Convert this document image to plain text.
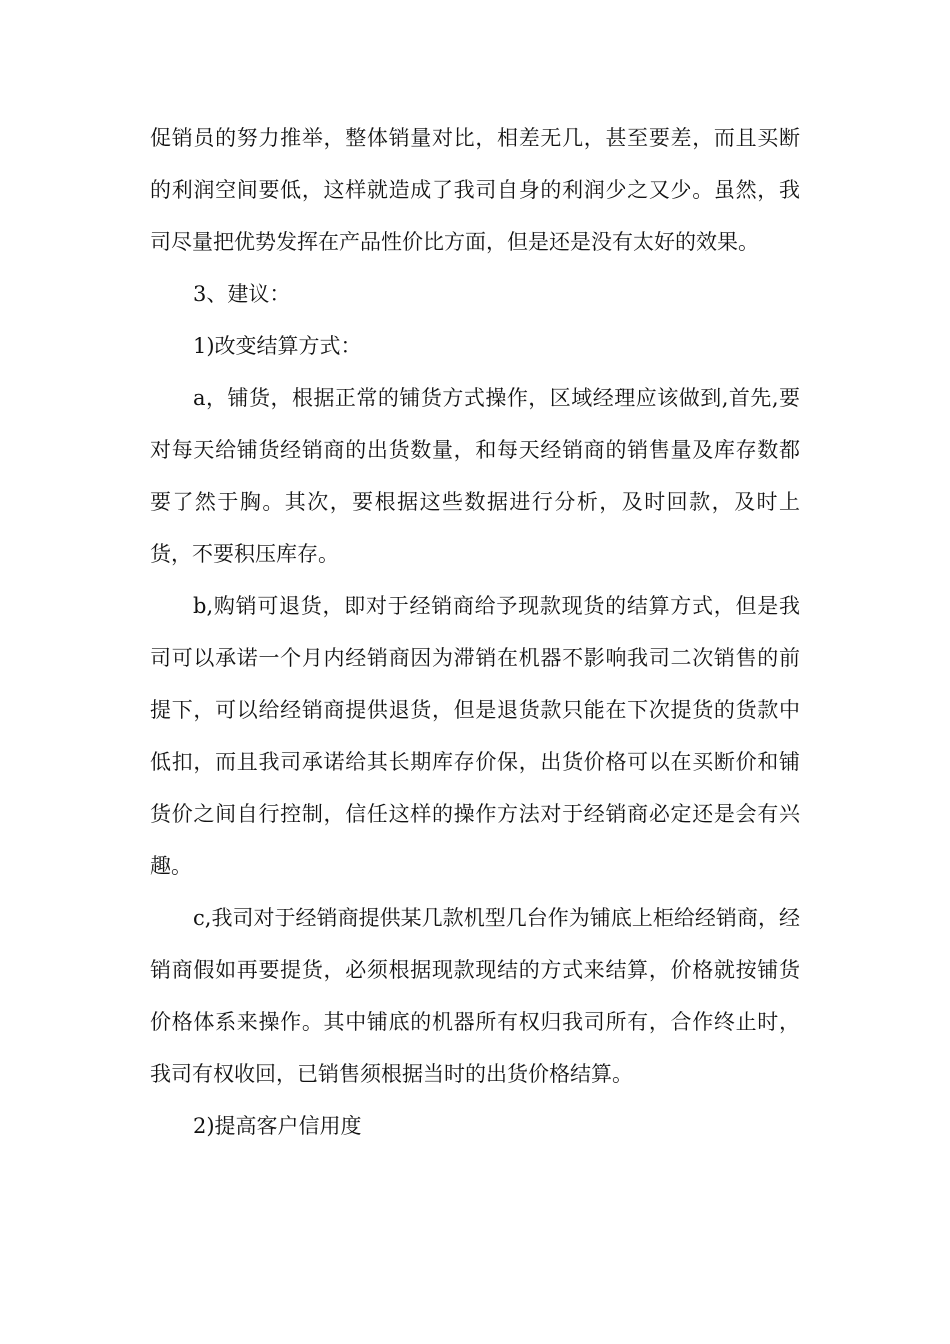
促销员的努力推举，整体销量对比，相差无几，甚至要差，而且买断的利润空间要低，这样就造成了我司自身的利润少之又少。虽然，我司尽量把优势发挥在产品性价比方面，但是还是没有太好的效果。

3、建议：

1)改变结算方式：

a，铺货，根据正常的铺货方式操作，区域经理应该做到,首先,要对每天给铺货经销商的出货数量，和每天经销商的销售量及库存数都要了然于胸。其次，要根据这些数据进行分析，及时回款，及时上货，不要积压库存。

b,购销可退货，即对于经销商给予现款现货的结算方式，但是我司可以承诺一个月内经销商因为滞销在机器不影响我司二次销售的前提下，可以给经销商提供退货，但是退货款只能在下次提货的货款中低扣，而且我司承诺给其长期库存价保，出货价格可以在买断价和铺货价之间自行控制，信任这样的操作方法对于经销商必定还是会有兴趣。

c,我司对于经销商提供某几款机型几台作为铺底上柜给经销商，经销商假如再要提货，必须根据现款现结的方式来结算，价格就按铺货价格体系来操作。其中铺底的机器所有权归我司所有，合作终止时，我司有权收回，已销售须根据当时的出货价格结算。

2)提高客户信用度
